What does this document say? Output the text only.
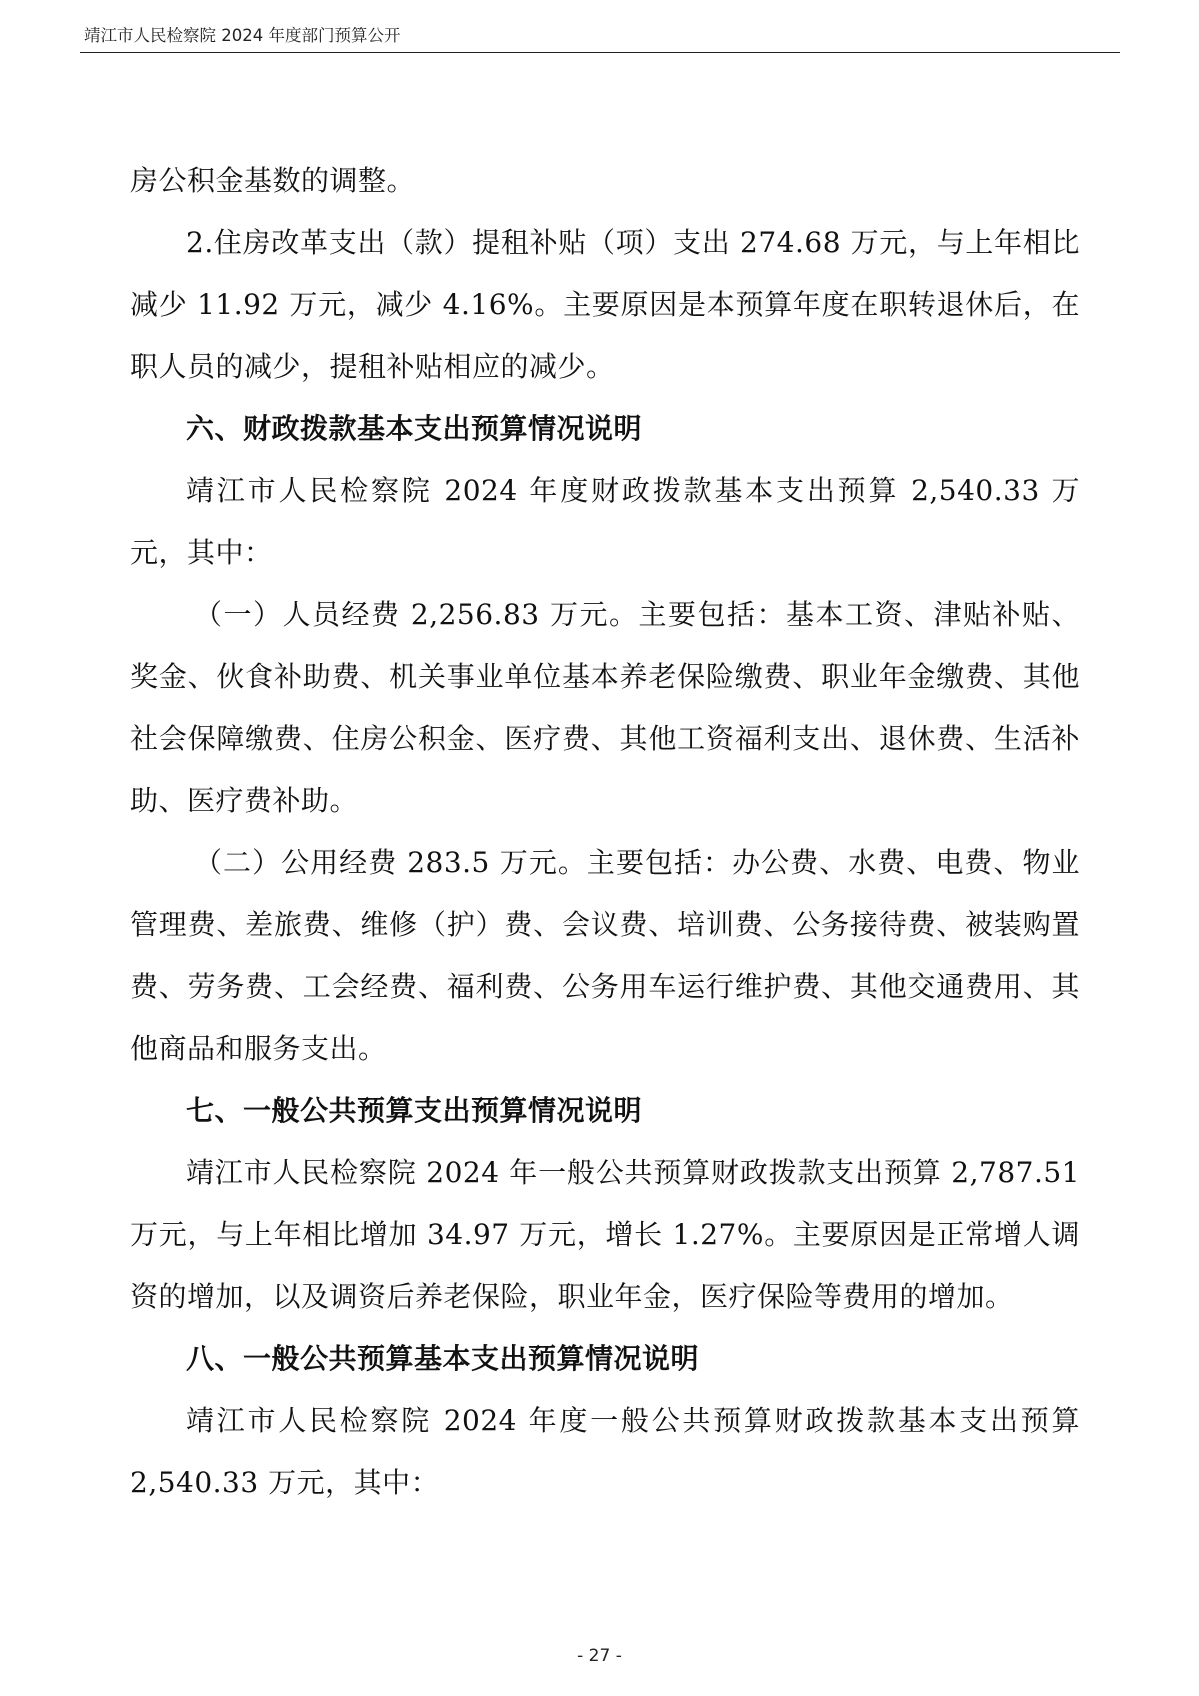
靖江市人民检察院 2024 年度部门预算公开

房公积金基数的调整。

2.住房改革支出（款）提租补贴（项）支出 274.68 万元，与上年相比减少 11.92 万元，减少 4.16%。主要原因是本预算年度在职转退休后，在职人员的减少，提租补贴相应的减少。

六、财政拨款基本支出预算情况说明

靖江市人民检察院 2024 年度财政拨款基本支出预算 2,540.33 万元，其中：

（一）人员经费 2,256.83 万元。主要包括：基本工资、津贴补贴、奖金、伙食补助费、机关事业单位基本养老保险缴费、职业年金缴费、其他社会保障缴费、住房公积金、医疗费、其他工资福利支出、退休费、生活补助、医疗费补助。

（二）公用经费 283.5 万元。主要包括：办公费、水费、电费、物业管理费、差旅费、维修（护）费、会议费、培训费、公务接待费、被装购置费、劳务费、工会经费、福利费、公务用车运行维护费、其他交通费用、其他商品和服务支出。

七、一般公共预算支出预算情况说明

靖江市人民检察院 2024 年一般公共预算财政拨款支出预算 2,787.51 万元，与上年相比增加 34.97 万元，增长 1.27%。主要原因是正常增人调资的增加，以及调资后养老保险，职业年金，医疗保险等费用的增加。

八、一般公共预算基本支出预算情况说明

靖江市人民检察院 2024 年度一般公共预算财政拨款基本支出预算 2,540.33 万元，其中：

- 27 -
